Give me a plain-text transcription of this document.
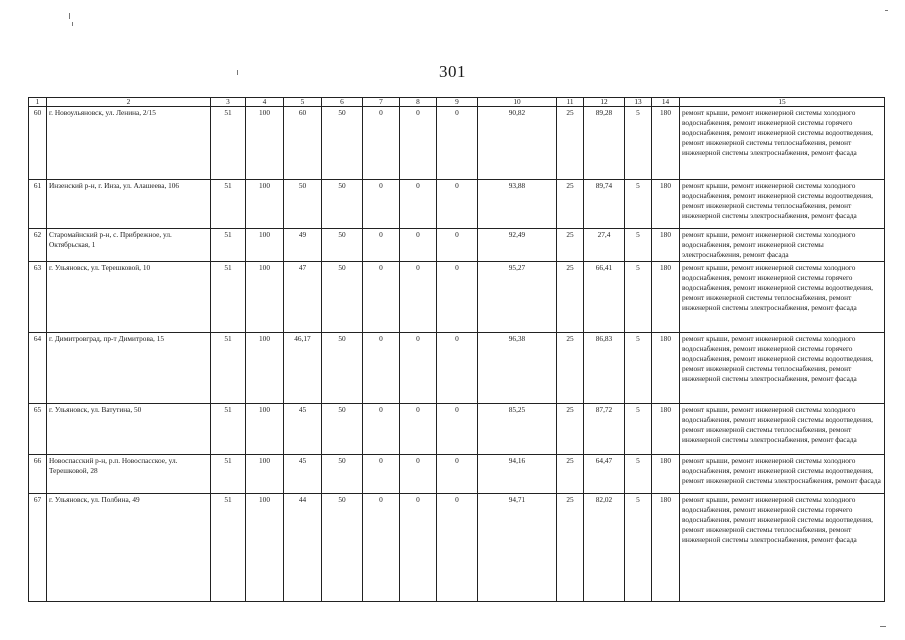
301
1	2	3	4	5	6	7	8	9	10	11	12	13	14	15
60	г. Новоульяновск, ул. Ленина, 2/15	51	100	60	50	0	0	0	90,82	25	89,28	5	180	ремонт крыши, ремонт инженерной системы холодного водоснабжения, ремонт инженерной системы горячего водоснабжения, ремонт инженерной системы водоотведения, ремонт инженерной системы теплоснабжения, ремонт инженерной системы электроснабжения, ремонт фасада
61	Инзенский р-н, г. Инза, ул. Алашеева, 106	51	100	50	50	0	0	0	93,88	25	89,74	5	180	ремонт крыши, ремонт инженерной системы холодного водоснабжения, ремонт инженерной системы водоотведения, ремонт инженерной системы теплоснабжения, ремонт инженерной системы электроснабжения, ремонт фасада
62	Старомайнский р-н, с. Прибрежное, ул. Октябрьская, 1	51	100	49	50	0	0	0	92,49	25	27,4	5	180	ремонт крыши, ремонт инженерной системы холодного водоснабжения, ремонт инженерной системы электроснабжения, ремонт фасада
63	г. Ульяновск, ул. Терешковой, 10	51	100	47	50	0	0	0	95,27	25	66,41	5	180	ремонт крыши, ремонт инженерной системы холодного водоснабжения, ремонт инженерной системы горячего водоснабжения, ремонт инженерной системы водоотведения, ремонт инженерной системы теплоснабжения, ремонт инженерной системы электроснабжения, ремонт фасада
64	г. Димитровград, пр-т Димитрова, 15	51	100	46,17	50	0	0	0	96,38	25	86,83	5	180	ремонт крыши, ремонт инженерной системы холодного водоснабжения, ремонт инженерной системы горячего водоснабжения, ремонт инженерной системы водоотведения, ремонт инженерной системы теплоснабжения, ремонт инженерной системы электроснабжения, ремонт фасада
65	г. Ульяновск, ул. Ватутина, 50	51	100	45	50	0	0	0	85,25	25	87,72	5	180	ремонт крыши, ремонт инженерной системы холодного водоснабжения, ремонт инженерной системы водоотведения, ремонт инженерной системы теплоснабжения, ремонт инженерной системы электроснабжения, ремонт фасада
66	Новоспасский р-н, р.п. Новоспасское, ул. Терешковой, 28	51	100	45	50	0	0	0	94,16	25	64,47	5	180	ремонт крыши, ремонт инженерной системы холодного водоснабжения, ремонт инженерной системы водоотведения, ремонт инженерной системы электроснабжения, ремонт фасада
67	г. Ульяновск, ул. Полбина, 49	51	100	44	50	0	0	0	94,71	25	82,02	5	180	ремонт крыши, ремонт инженерной системы холодного водоснабжения, ремонт инженерной системы горячего водоснабжения, ремонт инженерной системы водоотведения, ремонт инженерной системы теплоснабжения, ремонт инженерной системы электроснабжения, ремонт фасада
